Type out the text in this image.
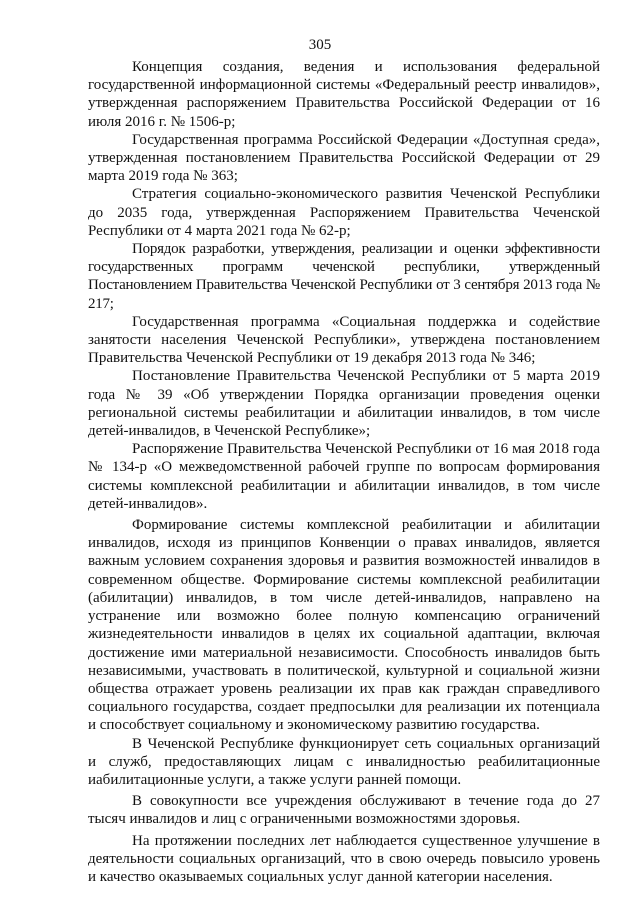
305

Концепция создания, ведения и использования федеральной государственной информационной системы «Федеральный реестр инвалидов», утвержденная распоряжением Правительства Российской Федерации от 16 июля 2016 г. № 1506-р;

Государственная программа Российской Федерации «Доступная среда», утвержденная постановлением Правительства Российской Федерации от 29 марта 2019 года № 363;

Стратегия социально-экономического развития Чеченской Республики до 2035 года, утвержденная Распоряжением Правительства Чеченской Республики от 4 марта 2021 года № 62-р;

Порядок разработки, утверждения, реализации и оценки эффективности государственных программ чеченской республики, утвержденный Постановлением Правительства Чеченской Республики от 3 сентября 2013 года № 217;

Государственная программа «Социальная поддержка и содействие занятости населения Чеченской Республики», утверждена постановлением Правительства Чеченской Республики от 19 декабря 2013 года № 346;

Постановление Правительства Чеченской Республики от 5 марта 2019 года № 39 «Об утверждении Порядка организации проведения оценки региональной системы реабилитации и абилитации инвалидов, в том числе детей-инвалидов, в Чеченской Республике»;

Распоряжение Правительства Чеченской Республики от 16 мая 2018 года № 134-р «О межведомственной рабочей группе по вопросам формирования системы комплексной реабилитации и абилитации инвалидов, в том числе детей-инвалидов».

Формирование системы комплексной реабилитации и абилитации инвалидов, исходя из принципов Конвенции о правах инвалидов, является важным условием сохранения здоровья и развития возможностей инвалидов в современном обществе. Формирование системы комплексной реабилитации (абилитации) инвалидов, в том числе детей-инвалидов, направлено на устранение или возможно более полную компенсацию ограничений жизнедеятельности инвалидов в целях их социальной адаптации, включая достижение ими материальной независимости. Способность инвалидов быть независимыми, участвовать в политической, культурной и социальной жизни общества отражает уровень реализации их прав как граждан справедливого социального государства, создает предпосылки для реализации их потенциала и способствует социальному и экономическому развитию государства.

В Чеченской Республике функционирует сеть социальных организаций и служб, предоставляющих лицам с инвалидностью реабилитационные иабилитационные услуги, а также услуги ранней помощи.

В совокупности все учреждения обслуживают в течение года до 27 тысяч инвалидов и лиц с ограниченными возможностями здоровья.

На протяжении последних лет наблюдается существенное улучшение в деятельности социальных организаций, что в свою очередь повысило уровень и качество оказываемых социальных услуг данной категории населения.
